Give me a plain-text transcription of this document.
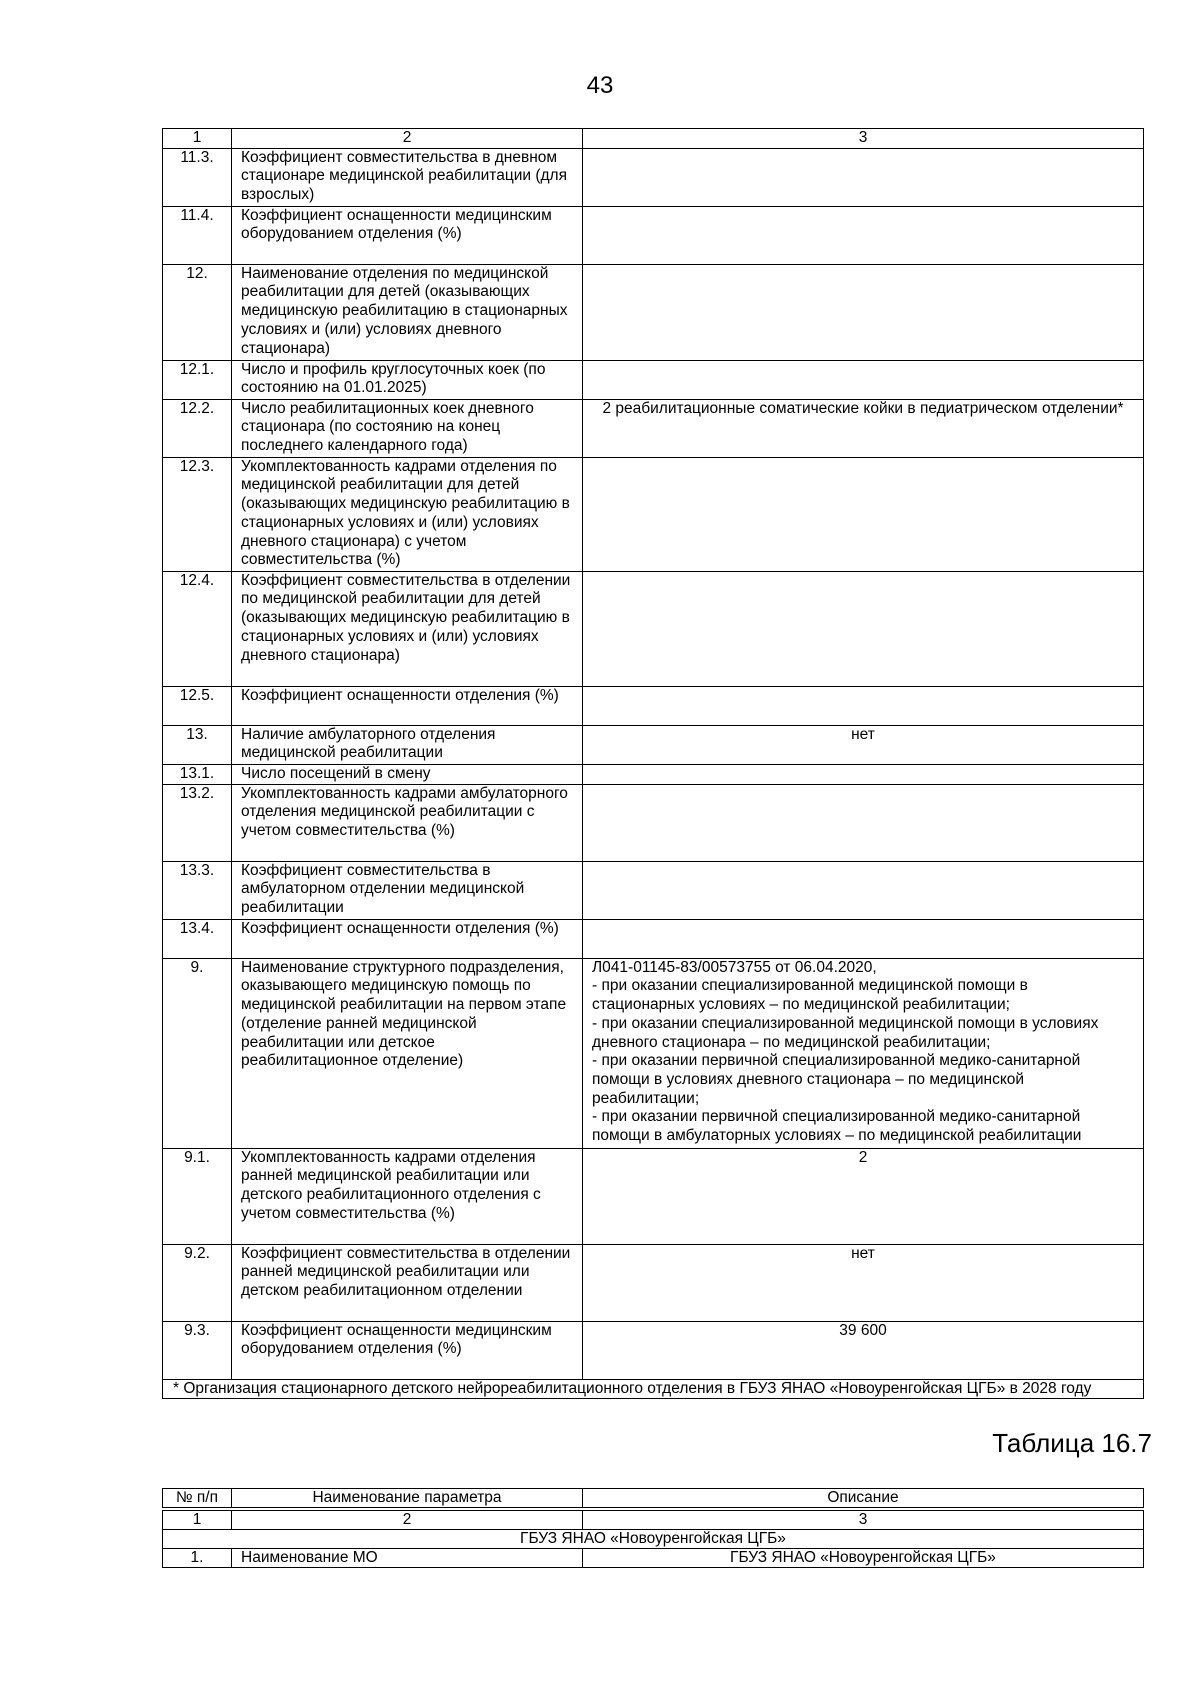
43
1	2	3
11.3.	Коэффициент совместительства в дневном стационаре медицинской реабилитации (для взрослых)	
11.4.	Коэффициент оснащенности медицинским оборудованием отделения (%)	
12.	Наименование отделения по медицинской реабилитации для детей (оказывающих медицинскую реабилитацию в стационарных условиях и (или) условиях дневного стационара)	
12.1.	Число и профиль круглосуточных коек (по состоянию на 01.01.2025)	
12.2.	Число реабилитационных коек дневного стационара (по состоянию на конец последнего календарного года)	2 реабилитационные соматические койки в педиатрическом отделении*
12.3.	Укомплектованность кадрами отделения по медицинской реабилитации для детей (оказывающих медицинскую реабилитацию в стационарных условиях и (или) условиях дневного стационара) с учетом совместительства (%)	
12.4.	Коэффициент совместительства в отделении по медицинской реабилитации для детей (оказывающих медицинскую реабилитацию в стационарных условиях и (или) условиях дневного стационара)	
12.5.	Коэффициент оснащенности отделения (%)	
13.	Наличие амбулаторного отделения медицинской реабилитации	нет
13.1.	Число посещений в смену	
13.2.	Укомплектованность кадрами амбулаторного отделения медицинской реабилитации с учетом совместительства (%)	
13.3.	Коэффициент совместительства в амбулаторном отделении медицинской реабилитации	
13.4.	Коэффициент оснащенности отделения (%)	
9.	Наименование структурного подразделения, оказывающего медицинскую помощь по медицинской реабилитации на первом этапе (отделение ранней медицинской реабилитации или детское реабилитационное отделение)	Л041-01145-83/00573755 от 06.04.2020,
- при оказании специализированной медицинской помощи в стационарных условиях – по медицинской реабилитации;
- при оказании специализированной медицинской помощи в условиях дневного стационара – по медицинской реабилитации;
- при оказании первичной специализированной медико-санитарной помощи в условиях дневного стационара – по медицинской реабилитации;
- при оказании первичной специализированной медико-санитарной помощи в амбулаторных условиях – по медицинской реабилитации
9.1.	Укомплектованность кадрами отделения ранней медицинской реабилитации или детского реабилитационного отделения с учетом совместительства (%)	2
9.2.	Коэффициент совместительства в отделении ранней медицинской реабилитации или детском реабилитационном отделении	нет
9.3.	Коэффициент оснащенности медицинским оборудованием отделения (%)	39 600
* Организация стационарного детского нейрореабилитационного отделения в ГБУЗ ЯНАО «Новоуренгойская ЦГБ» в 2028 году		
Таблица 16.7
№ п/п	Наименование параметра	Описание

1	2	3
ГБУЗ ЯНАО «Новоуренгойская ЦГБ»		
1.	Наименование МО	ГБУЗ ЯНАО «Новоуренгойская ЦГБ»
